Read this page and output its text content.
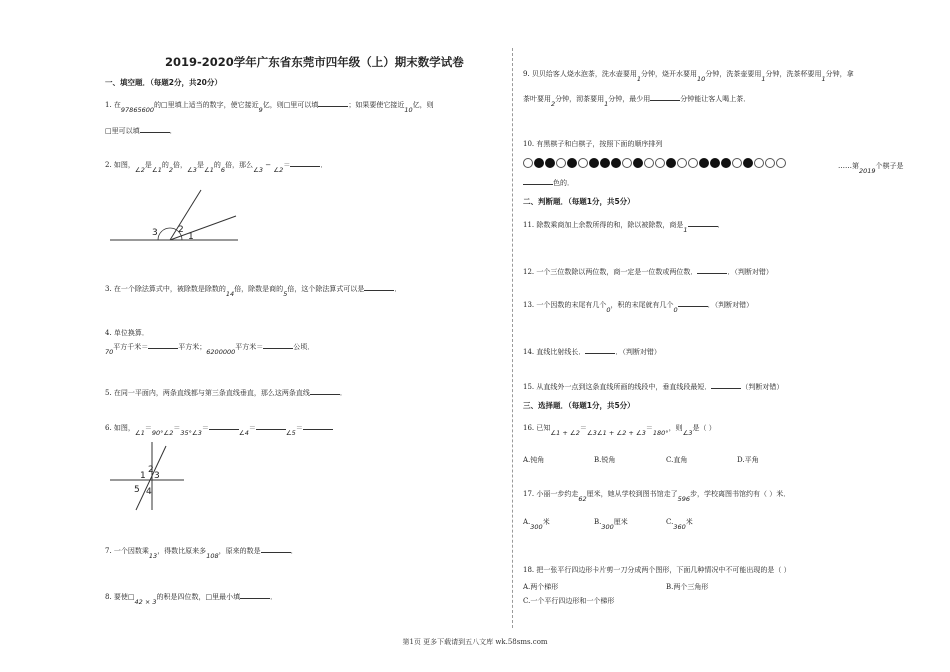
2019-2020学年广东省东莞市四年级（上）期末数学试卷
一、填空题．（每题2分，共20分）
1. 在97865600的□里填上适当的数字，使它接近9亿，则□里可以填	；如果要使它接近10亿，则
□里可以填	．
2. 如图，∠2是∠1的2倍，∠3是∠1的6倍，那么∠3 − ∠2＝	．
3 2
1
3. 在一个除法算式中，被除数是除数的14倍，除数是商的5倍，这个除法算式可以是	．
4. 单位换算．
70平方千米＝	平方米；6200000平方米＝	公顷．
5. 在同一平面内，两条直线都与第三条直线垂直，那么这两条直线	．
6. 如图，∠1＝90°∠2＝35°∠3＝∠4＝∠5＝
1
2
3
5 4
7. 一个因数乘13，得数比原来多108，原来的数是	．
8. 要使□42 × 3的积是四位数，□里最小填	．
9. 贝贝给客人烧水泡茶，洗水壶要用1分钟，烧开水要用10分钟，洗茶壶要用1分钟，洗茶杯要用1分钟，拿
茶叶要用2分钟，沏茶要用1分钟，最少用	分钟能让客人喝上茶．
10. 有黑棋子和白棋子，按照下面的顺序排列
……第2019个棋子是
色的．
二、判断题．（每题1分，共5分）
11. 除数乘商加上余数所得的和，除以被除数，商是1．
12. 一个三位数除以两位数，商一定是一位数或两位数．	．（判断对错）
13. 一个因数的末尾有几个0，积的末尾就有几个0．（判断对错）
14. 直线比射线长．	．（判断对错）
15. 从直线外一点到这条直线所画的线段中，垂直线段最短．	（判断对错）
三、选择题．（每题1分，共5分）
16. 已知∠1 + ∠2＝∠3∠1 + ∠2 + ∠3＝180°，则∠3是（ ）
A.钝角	B.锐角	C.直角	D.平角
17. 小丽一步约走62厘米，她从学校到图书馆走了596步，学校离图书馆约有（ ）米．
A.300米	B.300厘米	C.360米
18. 把一张平行四边形卡片剪一刀分成两个图形，下面几种情况中不可能出现的是（ ）
A.两个梯形	B.两个三角形
C.一个平行四边形和一个梯形
第1页 更多下载请到五八文库 wk.58sms.com
